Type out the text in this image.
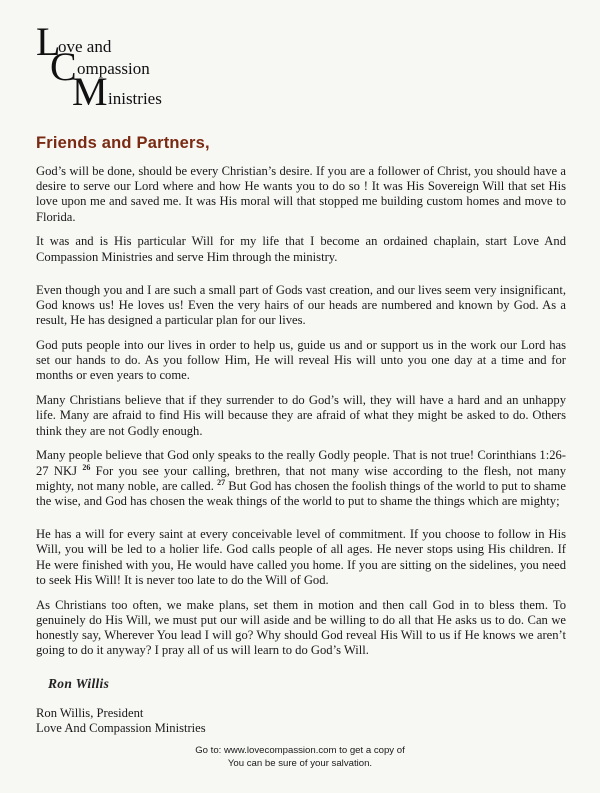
L
ove and
C ompassion
M inistries
Friends and Partners,

God’s will be done, should be every Christian’s desire. If you are a follower of Christ, you should have a desire to serve our Lord where and how He wants you to do so ! It was His Sovereign Will that set His love upon me and saved me. It was His moral will that stopped me building custom homes and move to Florida.

It was and is His particular Will for my life that I become an ordained chaplain, start Love And Compassion Ministries and serve Him through the ministry.

Even though you and I are such a small part of Gods vast creation, and our lives seem very insignificant, God knows us! He loves us! Even the very hairs of our heads are numbered and known by God. As a result, He has designed a particular plan for our lives.

God puts people into our lives in order to help us, guide us and or support us in the work our Lord has set our hands to do. As you follow Him, He will reveal His will unto you one day at a time and for months or even years to come.

Many Christians believe that if they surrender to do God’s will, they will have a hard and an unhappy life. Many are afraid to find His will because they are afraid of what they might be asked to do. Others think they are not Godly enough.

Many people believe that God only speaks to the really Godly people. That is not true! Corinthians 1:26-27 NKJ $^{26}$ For you see your calling, brethren, that not many wise according to the flesh, not many mighty, not many noble, are called. $^{27}$ But God has chosen the foolish things of the world to put to shame the wise, and God has chosen the weak things of the world to put to shame the things which are mighty;

He has a will for every saint at every conceivable level of commitment. If you choose to follow in His Will, you will be led to a holier life. God calls people of all ages. He never stops using His children. If He were finished with you, He would have called you home. If you are sitting on the sidelines, you need to seek His Will! It is never too late to do the Will of God.

As Christians too often, we make plans, set them in motion and then call God in to bless them. To genuinely do His Will, we must put our will aside and be willing to do all that He asks us to do. Can we honestly say, Wherever You lead I will go? Why should God reveal His Will to us if He knows we aren’t going to do it anyway? I pray all of us will learn to do God’s Will.

Ron Willis
Ron Willis, President
Love And Compassion Ministries
Go to: www.lovecompassion.com to get a copy of
You can be sure of your salvation.
